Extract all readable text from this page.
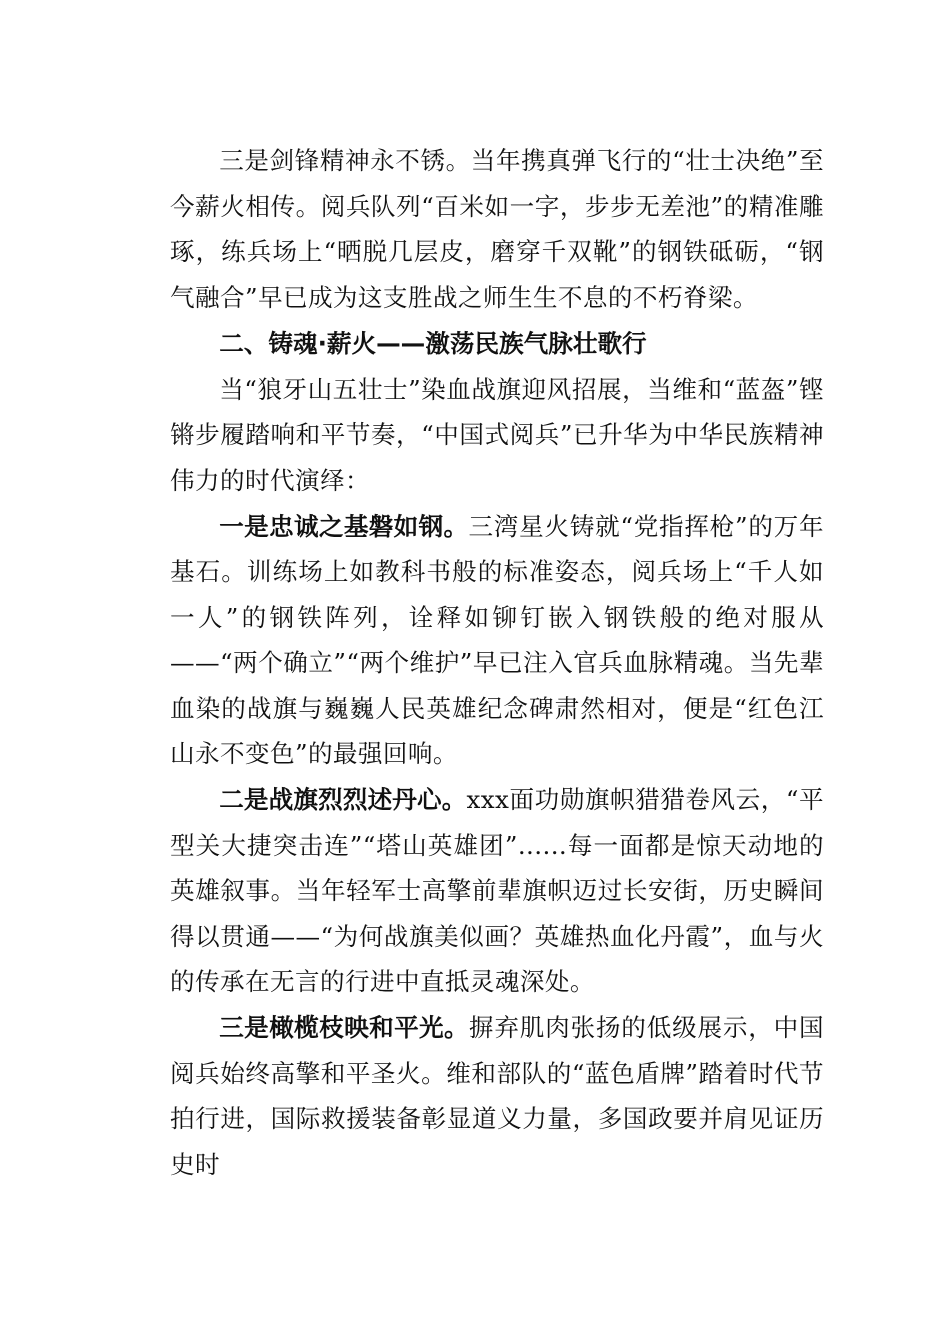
三是剑锋精神永不锈。当年携真弹飞行的“壮士决绝”至今薪火相传。阅兵队列“百米如一字，步步无差池”的精准雕琢，练兵场上“晒脱几层皮，磨穿千双靴”的钢铁砥砺，“钢气融合”早已成为这支胜战之师生生不息的不朽脊梁。

二、铸魂·薪火——激荡民族气脉壮歌行

当“狼牙山五壮士”染血战旗迎风招展，当维和“蓝盔”铿锵步履踏响和平节奏，“中国式阅兵”已升华为中华民族精神伟力的时代演绎：

一是忠诚之基磐如钢。三湾星火铸就“党指挥枪”的万年基石。训练场上如教科书般的标准姿态，阅兵场上“千人如一人”的钢铁阵列，诠释如铆钉嵌入钢铁般的绝对服从——“两个确立”“两个维护”早已注入官兵血脉精魂。当先辈血染的战旗与巍巍人民英雄纪念碑肃然相对，便是“红色江山永不变色”的最强回响。

二是战旗烈烈述丹心。xxx面功勋旗帜猎猎卷风云，“平型关大捷突击连”“塔山英雄团”......每一面都是惊天动地的英雄叙事。当年轻军士高擎前辈旗帜迈过长安街，历史瞬间得以贯通——“为何战旗美似画？英雄热血化丹霞”，血与火的传承在无言的行进中直抵灵魂深处。

三是橄榄枝映和平光。摒弃肌肉张扬的低级展示，中国阅兵始终高擎和平圣火。维和部队的“蓝色盾牌”踏着时代节拍行进，国际救援装备彰显道义力量，多国政要并肩见证历史时
